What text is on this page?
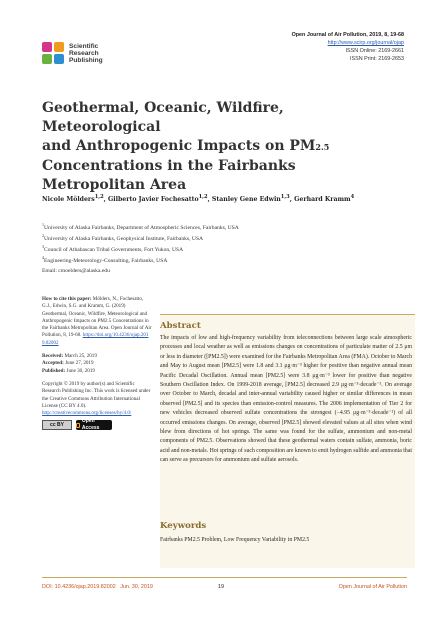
Scientific
Research
Publishing
Open Journal of Air Pollution, 2019, 8, 19-68
http://www.scirp.org/journal/ojap
ISSN Online: 2169-2661
ISSN Print: 2169-2653
Geothermal, Oceanic, Wildfire, Meteorological
and Anthropogenic Impacts on PM2.5
Concentrations in the Fairbanks
Metropolitan Area
Nicole Mölders$^{1,2}$, Gilberto Javier Fochesatto$^{1,2}$, Stanley Gene Edwin$^{1,3}$, Gerhard Kramm$^4$
$^1$University of Alaska Fairbanks, Department of Atmospheric Sciences, Fairbanks, USA
$^2$University of Alaska Fairbanks, Geophysical Institute, Fairbanks, USA
$^3$Council of Athabascan Tribal Governments, Fort Yukon, USA
$^4$Engineering-Meteorology-Consulting, Fairbanks, USA
Email: cmoelders@alaska.edu
How to cite this paper: Mölders, N., Fochesatto, G.J., Edwin, S.G. and Kramm, G. (2019) Geothermal, Oceanic, Wildfire, Meteorological and Anthropogenic Impacts on PM2.5 Concentrations in the Fairbanks Metropolitan Area. Open Journal of Air Pollution, 8, 19-68. https://doi.org/10.4236/ojap.2019.82002
Received: March 25, 2019
Accepted: June 27, 2019
Published: June 30, 2019
Copyright © 2019 by author(s) and Scientific Research Publishing Inc. This work is licensed under the Creative Commons Attribution International License (CC BY 4.0).
http://creativecommons.org/licenses/by/4.0/
cc BY
Open Access
Abstract
The impacts of low and high-frequency variability from teleconnections between large scale atmospheric processes and local weather as well as emissions changes on concentrations of particulate matter of 2.5 μm or less in diameter ([PM2.5]) were examined for the Fairbanks Metropolitan Area (FMA). October to March and May to August mean [PM2.5] were 1.8 and 3.1 μg·m⁻³ higher for positive than negative annual mean Pacific Decadal Oscillation. Annual mean [PM2.5] were 3.8 μg·m⁻³ lower for positive than negative Southern Oscillation Index. On 1999-2018 average, [PM2.5] decreased 2.9 μg·m⁻³·decade⁻¹. On average over October to March, decadal and inter-annual variability caused higher or similar differences in mean observed [PM2.5] and its species than emission-control measures. The 2006 implementation of Tier 2 for new vehicles decreased observed sulfate concentrations the strongest (−4.95 μg·m⁻³·decade⁻¹) of all occurred emissions changes. On average, observed [PM2.5] showed elevated values at all sites when wind blew from directions of hot springs. The same was found for the sulfate, ammonium and non-metal components of PM2.5. Observations showed that these geothermal waters contain sulfate, ammonia, boric acid and non-metals. Hot springs of such composition are known to emit hydrogen sulfide and ammonia that can serve as precursors for ammonium and sulfate aerosols.
Keywords
Fairbanks PM2.5 Problem, Low Frequency Variability in PM2.5
DOI: 10.4236/ojap.2019.82002 Jun. 30, 2019	19	Open Journal of Air Pollution
